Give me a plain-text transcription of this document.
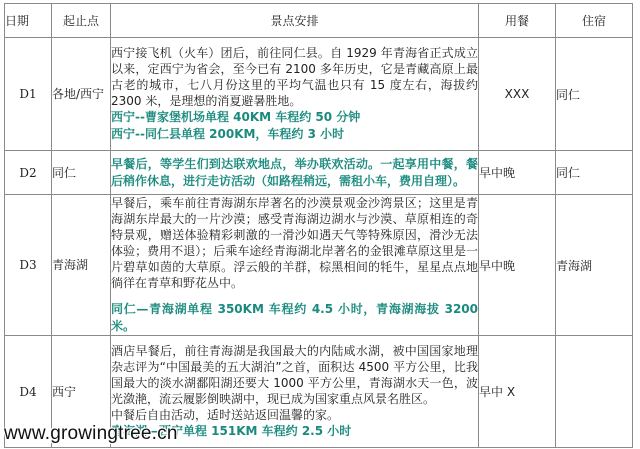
日期	起止点	景点安排	用餐	住宿
D1	各地/西宁	西宁接飞机（火车）团后，前往同仁县。自 1929 年青海省正式成立以来，定西宁为省会，至今已有 2100 多年历史，它是青藏高原上最古老的城市，七八月份这里的平均气温也只有 15 度左右，海拔约 2300 米，是理想的消夏避暑胜地。
西宁--曹家堡机场单程 40KM 车程约 50 分钟
西宁--同仁县单程 200KM，车程约 3 小时	XXX	同仁
D2	同仁	早餐后，等学生们到达联欢地点，举办联欢活动。一起享用中餐，餐后稍作休息，进行走访活动（如路程稍远，需租小车，费用自理）。	早中晚	同仁
D3	青海湖	早餐后，乘车前往青海湖东岸著名的沙漠景观金沙湾景区；这里是青海湖东岸最大的一片沙漠；感受青海湖边湖水与沙漠、草原相连的奇特景观，赠送体验精彩刺激的一滑沙如遇天气等特殊原因，滑沙无法体验；费用不退）；后乘车途经青海湖北岸著名的金银滩草原这里是一片碧草如茵的大草原。浮云般的羊群，棕黑相间的牦牛，星星点点地徜徉在青草和野花丛中。
同仁—青海湖单程 350KM 车程约 4.5 小时，青海湖海拔 3200 米。	早中晚	青海湖
D4	西宁	酒店早餐后，前往青海湖是我国最大的内陆咸水湖，被中国国家地理杂志评为“中国最美的五大湖泊”之首，面积达 4500 平方公里，比我国最大的淡水湖鄱阳湖还要大 1000 平方公里，青海湖水天一色，波光潋滟，流云履影倒映湖中，现已成为国家重点风景名胜区。
中餐后自由活动，适时送站返回温馨的家。
青海湖—西宁单程 151KM 车程约 2.5 小时	早中 X	
www.growingtree.cn
